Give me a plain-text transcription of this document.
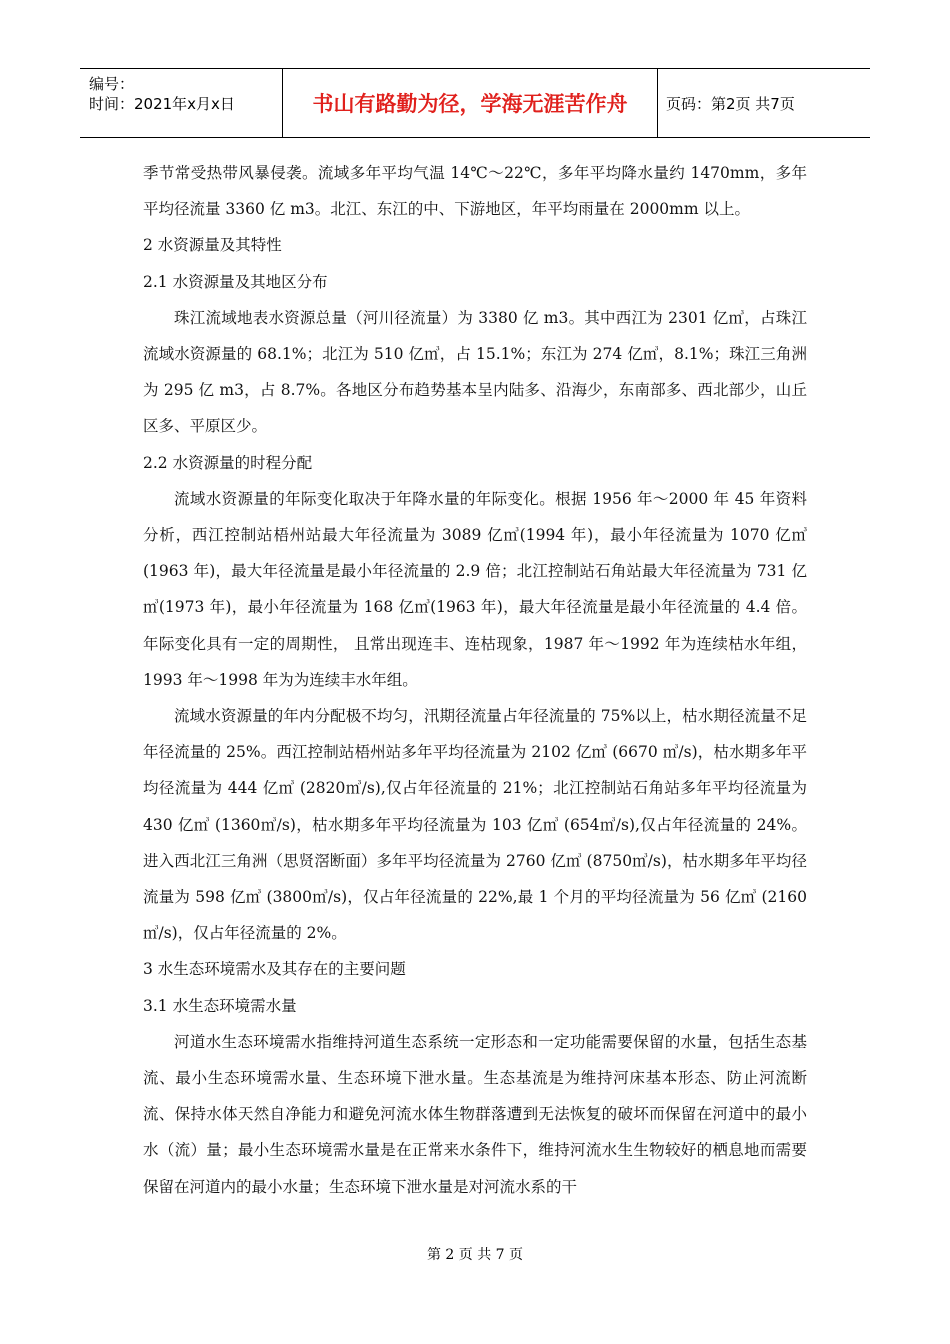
编号：
时间：2021年x月x日	书山有路勤为径，学海无涯苦作舟	页码：第2页 共7页

季节常受热带风暴侵袭。流域多年平均气温 14℃～22℃，多年平均降水量约 1470mm，多年平均径流量 3360 亿 m3。北江、东江的中、下游地区，年平均雨量在 2000mm 以上。

2 水资源量及其特性

2.1 水资源量及其地区分布

珠江流域地表水资源总量（河川径流量）为 3380 亿 m3。其中西江为 2301 亿㎥，占珠江流域水资源量的 68.1%；北江为 510 亿㎥，占 15.1%；东江为 274 亿㎥，8.1%；珠江三角洲为 295 亿 m3，占 8.7%。各地区分布趋势基本呈内陆多、沿海少，东南部多、西北部少，山丘区多、平原区少。

2.2 水资源量的时程分配

流域水资源量的年际变化取决于年降水量的年际变化。根据 1956 年～2000 年 45 年资料分析，西江控制站梧州站最大年径流量为 3089 亿㎥(1994 年)，最小年径流量为 1070 亿㎥(1963 年)，最大年径流量是最小年径流量的 2.9 倍；北江控制站石角站最大年径流量为 731 亿㎥(1973 年)，最小年径流量为 168 亿㎥(1963 年)，最大年径流量是最小年径流量的 4.4 倍。年际变化具有一定的周期性， 且常出现连丰、连枯现象，1987 年～1992 年为连续枯水年组，1993 年～1998 年为为连续丰水年组。

流域水资源量的年内分配极不均匀，汛期径流量占年径流量的 75%以上，枯水期径流量不足年径流量的 25%。西江控制站梧州站多年平均径流量为 2102 亿㎥ (6670 ㎥/s)，枯水期多年平均径流量为 444 亿㎥ (2820㎥/s),仅占年径流量的 21%；北江控制站石角站多年平均径流量为 430 亿㎥ (1360㎥/s)，枯水期多年平均径流量为 103 亿㎥ (654㎥/s),仅占年径流量的 24%。进入西北江三角洲（思贤滘断面）多年平均径流量为 2760 亿㎥ (8750㎥/s)，枯水期多年平均径流量为 598 亿㎥ (3800㎥/s)，仅占年径流量的 22%,最 1 个月的平均径流量为 56 亿㎥ (2160㎥/s)，仅占年径流量的 2%。

3 水生态环境需水及其存在的主要问题

3.1 水生态环境需水量

河道水生态环境需水指维持河道生态系统一定形态和一定功能需要保留的水量，包括生态基流、最小生态环境需水量、生态环境下泄水量。生态基流是为维持河床基本形态、防止河流断流、保持水体天然自净能力和避免河流水体生物群落遭到无法恢复的破坏而保留在河道中的最小水（流）量；最小生态环境需水量是在正常来水条件下，维持河流水生生物较好的栖息地而需要保留在河道内的最小水量；生态环境下泄水量是对河流水系的干

第 2 页 共 7 页
